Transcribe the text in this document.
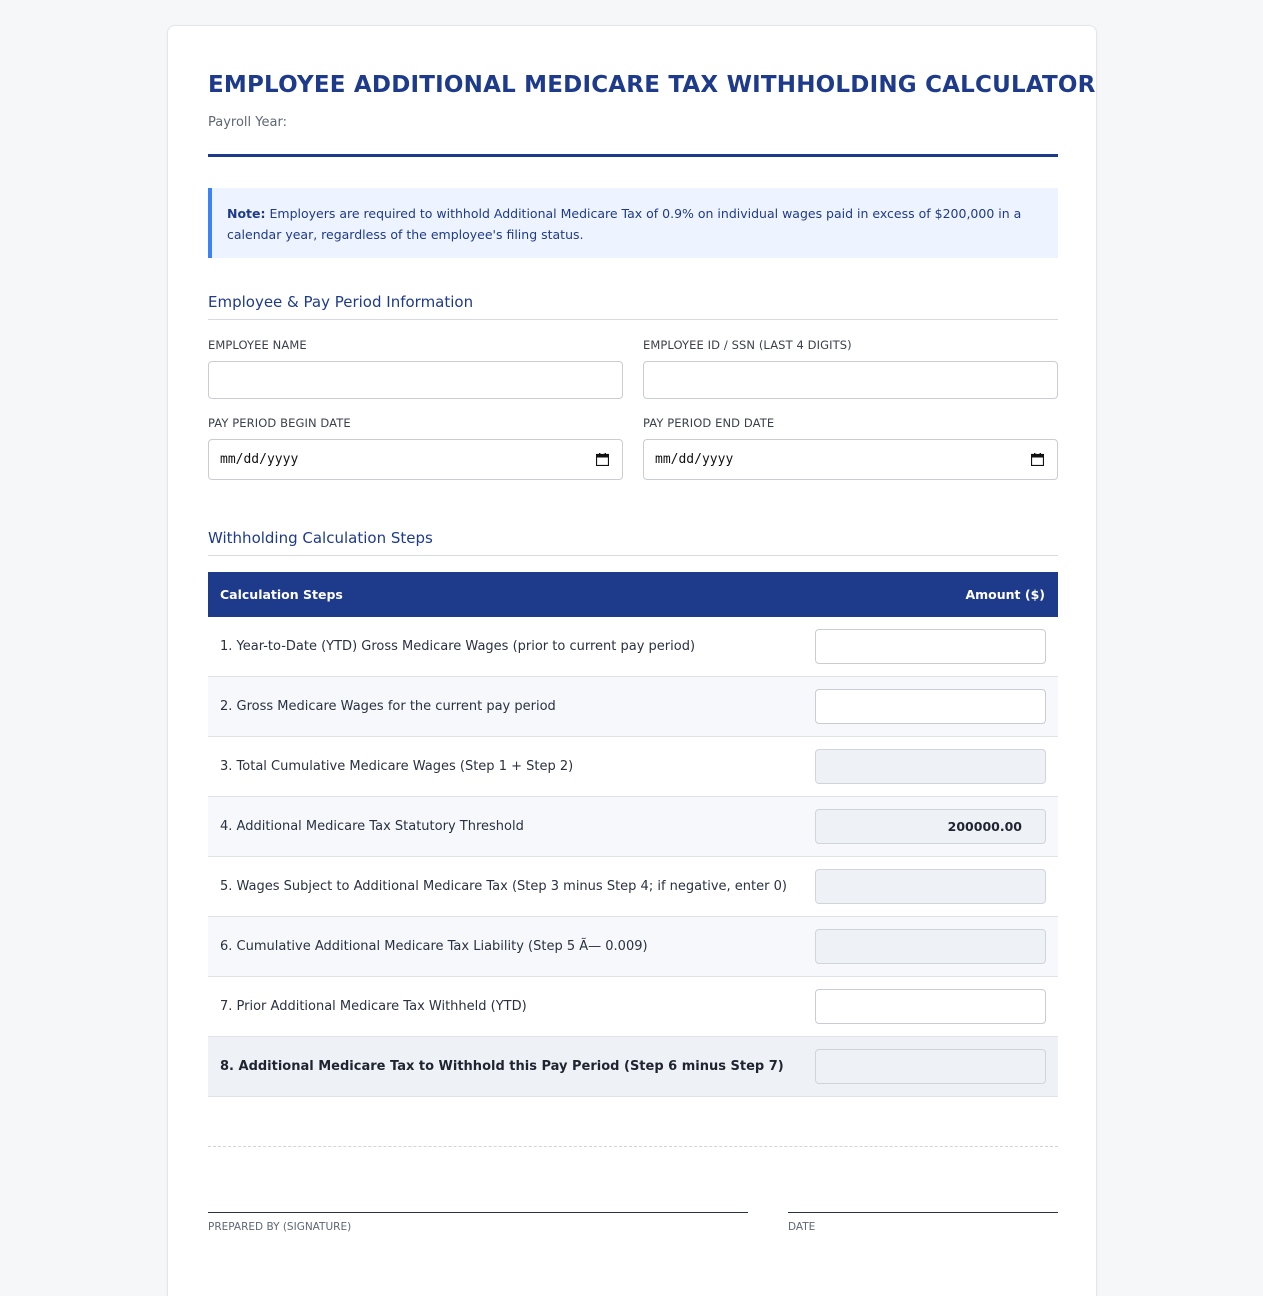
EMPLOYEE ADDITIONAL MEDICARE TAX WITHHOLDING CALCULATOR
Payroll Year:
Note: Employers are required to withhold Additional Medicare Tax of 0.9% on individual wages paid in excess of $200,000 in a calendar year, regardless of the employee's filing status.
Employee & Pay Period Information
EMPLOYEE NAME	EMPLOYEE ID / SSN (LAST 4 DIGITS)
PAY PERIOD BEGIN DATE
mm/dd/yyyy
PAY PERIOD END DATE
mm/dd/yyyy
Withholding Calculation Steps
Calculation Steps	Amount ($)
1. Year-to-Date (YTD) Gross Medicare Wages (prior to current pay period)
2. Gross Medicare Wages for the current pay period
3. Total Cumulative Medicare Wages (Step 1 + Step 2)
4. Additional Medicare Tax Statutory Threshold	200000.00
5. Wages Subject to Additional Medicare Tax (Step 3 minus Step 4; if negative, enter 0)
6. Cumulative Additional Medicare Tax Liability (Step 5 Ã— 0.009)
7. Prior Additional Medicare Tax Withheld (YTD)
8. Additional Medicare Tax to Withhold this Pay Period (Step 6 minus Step 7)
PREPARED BY (SIGNATURE)	DATE
